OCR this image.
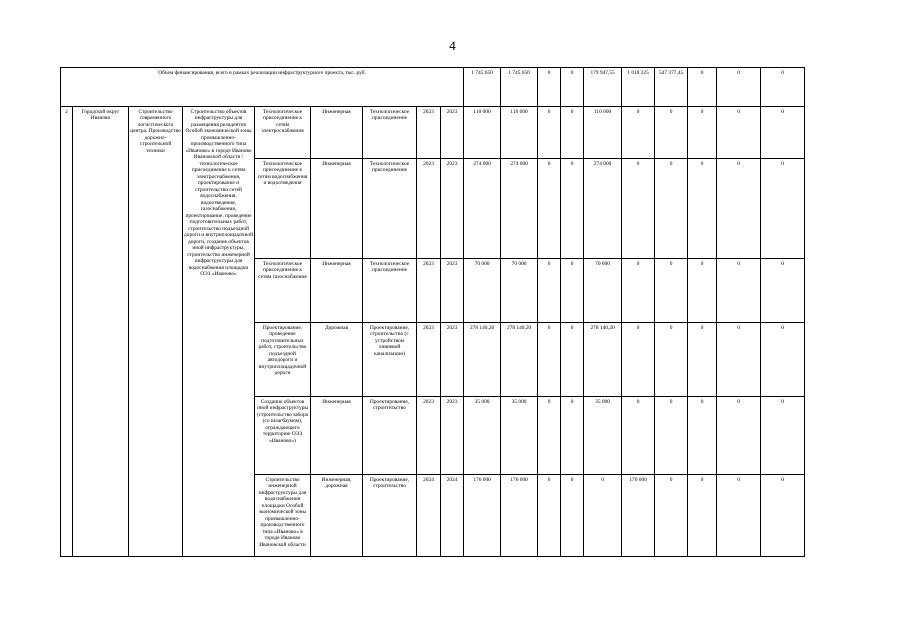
4
Объем финансирования, всего в рамках реализации инфраструктурного проекта, тыс. руб.									1 745 650	1 745 650	0	0	179 947,55	1 018 325	547 377,45	0	0	0
2	Городской округ Иваново	Строительство современного логистического центра. Производство дорожно-строительной техники	Строительство объектов инфраструктуры для размещения резидентов Особой экономической зоны промышленно-производственного типа «Иваново» в городе Иваново Ивановской области / технологическое присоединение к сетям электроснабжения, проектирование и строительство сетей водоснабжения, водоотведения, газоснабжения, проектирование, проведение подготовительных работ, строительство подъездной дороги и внутриплощадочной дороги, создание объектов иной инфраструктуры, строительство инженерной инфраструктуры для водоснабжения площадки ОЭЗ «Иваново»	Технологическое присоединение к сетям электроснабжения	Инженерная	Технологическое присоединение	2023	2023	110 000	110 000	0	0	110 000	0	0	0	0	0
				Технологическое присоединение к сетям водоснабжения и водоотведения	Инженерная	Технологическое присоединение	2023	2023	274 000	274 000	0	0	274 000	0	0	0	0	0
				Технологическое присоединение к сетям газоснабжения	Инженерная	Технологическое присоединение	2023	2023	70 000	70 000	0	0	70 000	0	0	0	0	0
				Проектирование, проведение подготовительных работ, строительство подъездной автодороги и внутриплощадочной дороги	Дорожная	Проектирование, строительство (с устройством ливневой канализации)	2023	2023	278 140,20	278 140,20	0	0	278 140,20	0	0	0	0	0
				Создание объектов иной инфраструктуры (строительство забора (со шлагбаумом), ограждающего территорию ОЭЗ «Иваново»)	Инженерная	Проектирование, строительство	2023	2023	35 000	35 000	0	0	35 000	0	0	0	0	0
				Строительство инженерной инфраструктуры для водоснабжения площадки Особой экономической зоны промышленно-производственного типа «Иваново» в городе Иваново Ивановской области	Инженерная, дорожная	Проектирование, строительство	2024	2024	176 000	176 000	0	0	0	176 000	0	0	0	0
